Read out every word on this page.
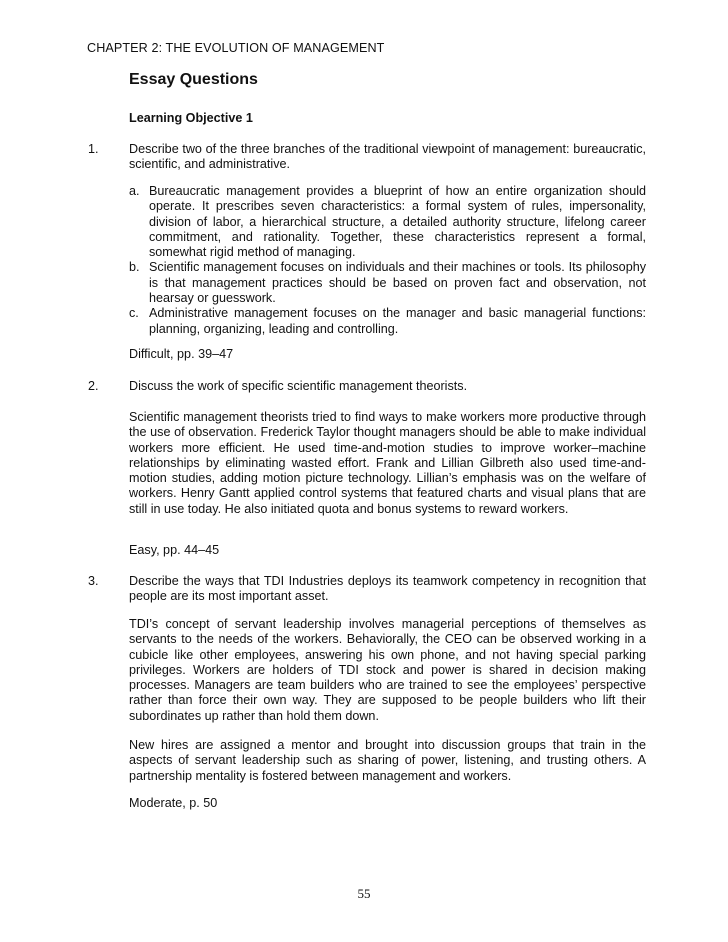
CHAPTER 2: THE EVOLUTION OF MANAGEMENT
Essay Questions
Learning Objective 1
1. Describe two of the three branches of the traditional viewpoint of management: bureaucratic, scientific, and administrative.
a. Bureaucratic management provides a blueprint of how an entire organization should operate. It prescribes seven characteristics: a formal system of rules, impersonality, division of labor, a hierarchical structure, a detailed authority structure, lifelong career commitment, and rationality. Together, these characteristics represent a formal, somewhat rigid method of managing.
b. Scientific management focuses on individuals and their machines or tools. Its philosophy is that management practices should be based on proven fact and observation, not hearsay or guesswork.
c. Administrative management focuses on the manager and basic managerial functions: planning, organizing, leading and controlling.
Difficult, pp. 39–47
2. Discuss the work of specific scientific management theorists.
Scientific management theorists tried to find ways to make workers more productive through the use of observation. Frederick Taylor thought managers should be able to make individual workers more efficient. He used time-and-motion studies to improve worker–machine relationships by eliminating wasted effort. Frank and Lillian Gilbreth also used time-and-motion studies, adding motion picture technology. Lillian’s emphasis was on the welfare of workers. Henry Gantt applied control systems that featured charts and visual plans that are still in use today. He also initiated quota and bonus systems to reward workers.
Easy, pp. 44–45
3. Describe the ways that TDI Industries deploys its teamwork competency in recognition that people are its most important asset.
TDI’s concept of servant leadership involves managerial perceptions of themselves as servants to the needs of the workers. Behaviorally, the CEO can be observed working in a cubicle like other employees, answering his own phone, and not having special parking privileges. Workers are holders of TDI stock and power is shared in decision making processes. Managers are team builders who are trained to see the employees’ perspective rather than force their own way. They are supposed to be people builders who lift their subordinates up rather than hold them down.
New hires are assigned a mentor and brought into discussion groups that train in the aspects of servant leadership such as sharing of power, listening, and trusting others. A partnership mentality is fostered between management and workers.
Moderate, p. 50
55
